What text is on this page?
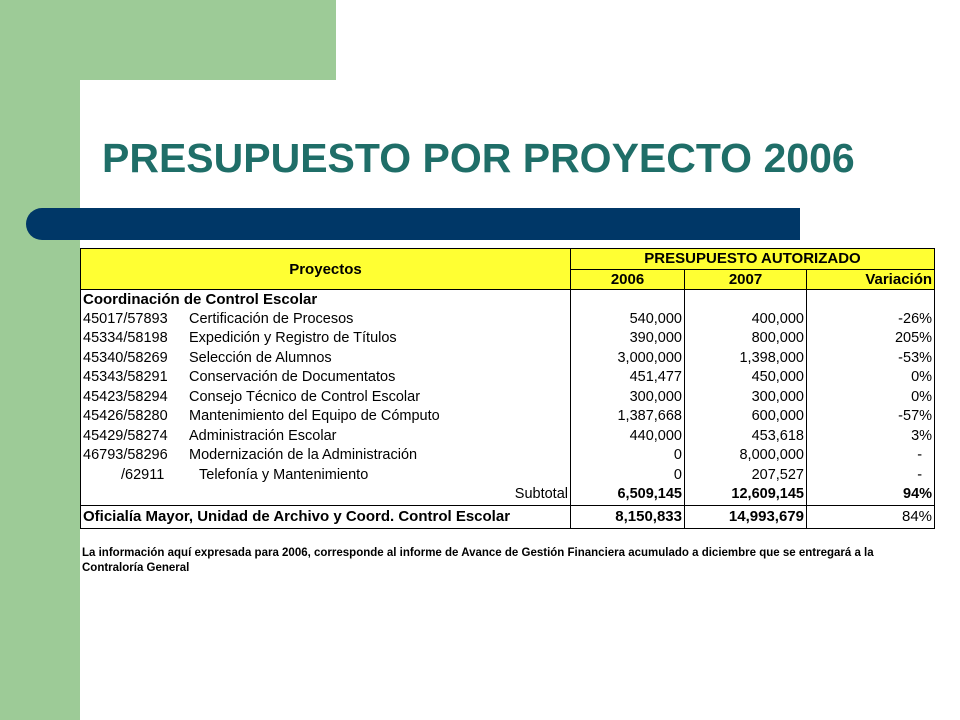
PRESUPUESTO POR PROYECTO 2006
Proyectos	PRESUPUESTO AUTORIZADO		
	2006	2007	Variación
Coordinación de Control Escolar			
45017/57893 Certificación de Procesos	540,000	400,000	-26%
45334/58198 Expedición y Registro de Títulos	390,000	800,000	205%
45340/58269 Selección de Alumnos	3,000,000	1,398,000	-53%
45343/58291 Conservación de Documentatos	451,477	450,000	0%
45423/58294 Consejo Técnico de Control Escolar	300,000	300,000	0%
45426/58280 Mantenimiento del Equipo de Cómputo	1,387,668	600,000	-57%
45429/58274 Administración Escolar	440,000	453,618	3%
46793/58296 Modernización de la Administración	0	8,000,000	-
/62911 Telefonía y Mantenimiento	0	207,527	-
Subtotal	6,509,145	12,609,145	94%
Oficialía Mayor, Unidad de Archivo y Coord. Control Escolar	8,150,833	14,993,679	84%
La información aquí expresada para 2006, corresponde al informe de Avance de Gestión Financiera acumulado a diciembre que se entregará a la Contraloría General
